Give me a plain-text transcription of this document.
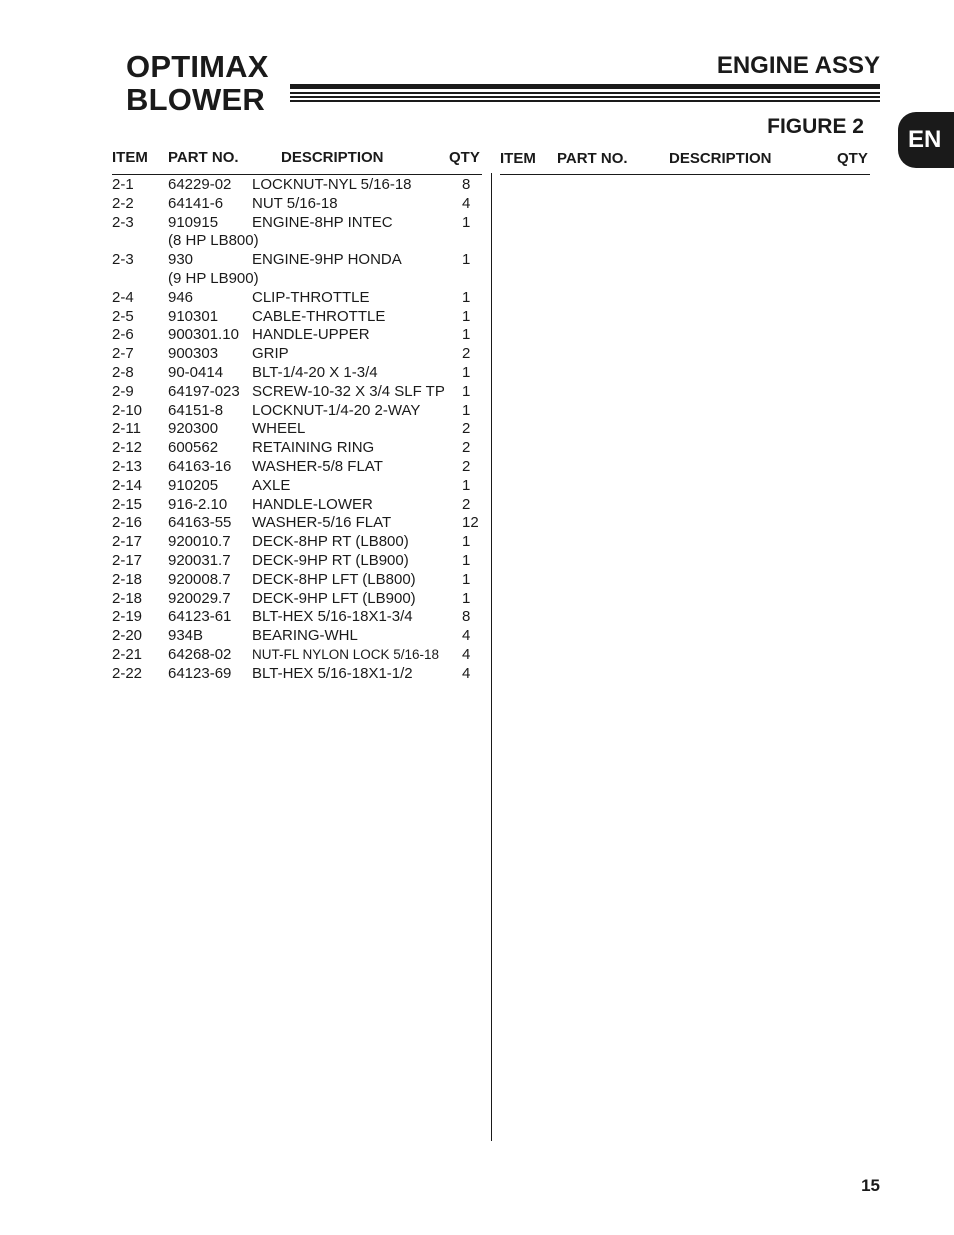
OPTIMAX
BLOWER
ENGINE ASSY
FIGURE 2 EN
ITEM PART NO.	DESCRIPTION	QTY ITEM PART NO.	DESCRIPTION	QTY
2-1 64229-02 LOCKNUT-NYL 5/16-18	8
2-2 64141-6 NUT 5/16-18	4
2-3 910915 ENGINE-8HP INTEC	1
(8 HP LB800)
2-3 930	ENGINE-9HP HONDA	1
(9 HP LB900)
2-4 946	CLIP-THROTTLE	1
2-5 910301 CABLE-THROTTLE	1
2-6 900301.10 HANDLE-UPPER	1
2-7 900303 GRIP	2
2-8 90-0414 BLT-1/4-20 X 1-3/4	1
2-9 64197-023 SCREW-10-32 X 3/4 SLF TP 1
2-10 64151-8 LOCKNUT-1/4-20 2-WAY	1
2-11 920300 WHEEL	2
2-12 600562 RETAINING RING	2
2-13 64163-16 WASHER-5/8 FLAT	2
2-14 910205 AXLE	1
2-15 916-2.10 HANDLE-LOWER	2
2-16 64163-55 WASHER-5/16 FLAT	12
2-17 920010.7 DECK-8HP RT (LB800)	1
2-17 920031.7 DECK-9HP RT (LB900)	1
2-18 920008.7 DECK-8HP LFT (LB800)	1
2-18 920029.7 DECK-9HP LFT (LB900)	1
2-19 64123-61 BLT-HEX 5/16-18X1-3/4	8
2-20 934B	BEARING-WHL	4
2-21 64268-02 NUT-FL NYLON LOCK 5/16-18 4
2-22 64123-69 BLT-HEX 5/16-18X1-1/2	4
15
